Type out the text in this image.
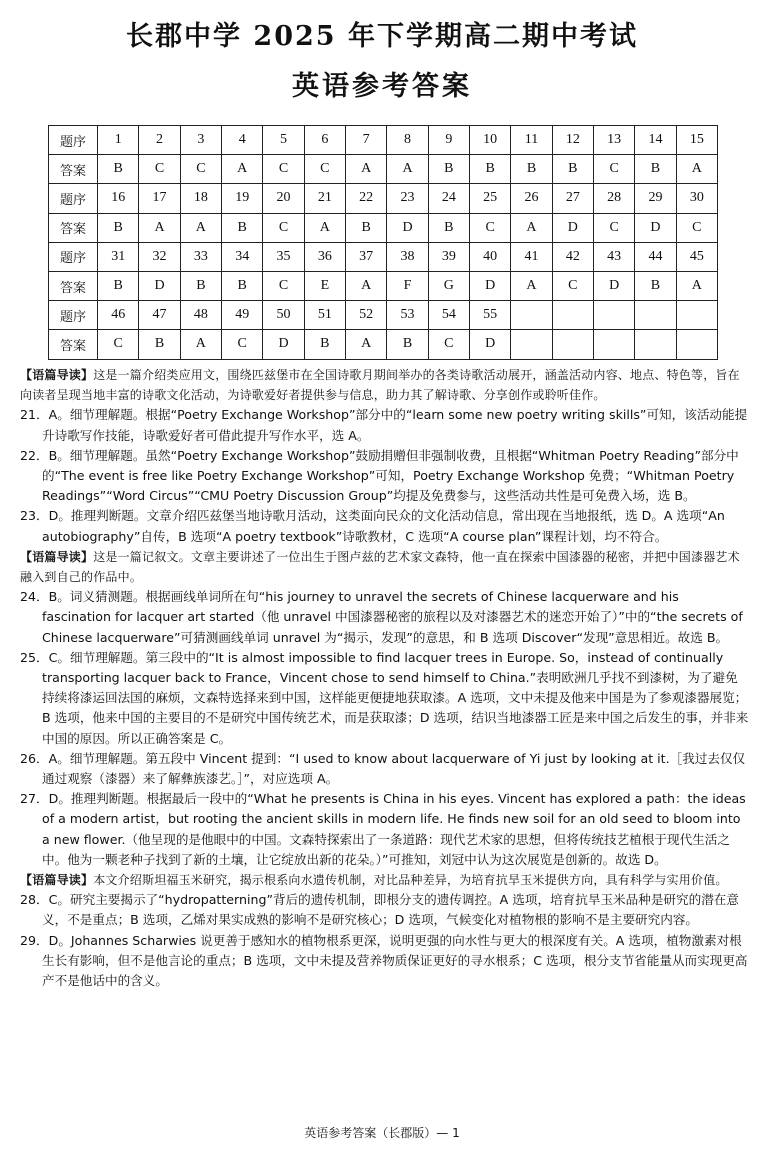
长郡中学 2025 年下学期高二期中考试
英语参考答案
题序	1	2	3	4	5	6	7	8	9	10	11	12	13	14	15
答案	B	C	C	A	C	C	A	A	B	B	B	B	C	B	A
题序	16	17	18	19	20	21	22	23	24	25	26	27	28	29	30
答案	B	A	A	B	C	A	B	D	B	C	A	D	C	D	C
题序	31	32	33	34	35	36	37	38	39	40	41	42	43	44	45
答案	B	D	B	B	C	E	A	F	G	D	A	C	D	B	A
题序	46	47	48	49	50	51	52	53	54	55					
答案	C	B	A	C	D	B	A	B	C	D					

【语篇导读】这是一篇介绍类应用文，围绕匹兹堡市在全国诗歌月期间举办的各类诗歌活动展开，涵盖活动内容、地点、特色等，旨在向读者呈现当地丰富的诗歌文化活动，为诗歌爱好者提供参与信息，助力其了解诗歌、分享创作或聆听佳作。

21．A。细节理解题。根据“Poetry Exchange Workshop”部分中的“learn some new poetry writing skills”可知，该活动能提升诗歌写作技能，诗歌爱好者可借此提升写作水平，选 A。

22．B。细节理解题。虽然“Poetry Exchange Workshop”鼓励捐赠但非强制收费，且根据“Whitman Poetry Reading”部分中的“The event is free like Poetry Exchange Workshop”可知，Poetry Exchange Workshop 免费；“Whitman Poetry Readings”“Word Circus”“CMU Poetry Discussion Group”均提及免费参与，这些活动共性是可免费入场，选 B。

23．D。推理判断题。文章介绍匹兹堡当地诗歌月活动，这类面向民众的文化活动信息，常出现在当地报纸，选 D。A 选项“An autobiography”自传，B 选项“A poetry textbook”诗歌教材，C 选项“A course plan”课程计划，均不符合。

【语篇导读】这是一篇记叙文。文章主要讲述了一位出生于图卢兹的艺术家文森特，他一直在探索中国漆器的秘密，并把中国漆器艺术融入到自己的作品中。

24．B。词义猜测题。根据画线单词所在句“his journey to unravel the secrets of Chinese lacquerware and his fascination for lacquer art started（他 unravel 中国漆器秘密的旅程以及对漆器艺术的迷恋开始了）”中的“the secrets of Chinese lacquerware”可猜测画线单词 unravel 为“揭示，发现”的意思，和 B 选项 Discover“发现”意思相近。故选 B。

25．C。细节理解题。第三段中的“It is almost impossible to find lacquer trees in Europe. So，instead of continually transporting lacquer back to France，Vincent chose to send himself to China.”表明欧洲几乎找不到漆树，为了避免持续将漆运回法国的麻烦，文森特选择来到中国，这样能更便捷地获取漆。A 选项，文中未提及他来中国是为了参观漆器展览；B 选项，他来中国的主要目的不是研究中国传统艺术，而是获取漆；D 选项，结识当地漆器工匠是来中国之后发生的事，并非来中国的原因。所以正确答案是 C。

26．A。细节理解题。第五段中 Vincent 提到：“I used to know about lacquerware of Yi just by looking at it.［我过去仅仅通过观察（漆器）来了解彝族漆艺。］”，对应选项 A。

27．D。推理判断题。根据最后一段中的“What he presents is China in his eyes. Vincent has explored a path：the ideas of a modern artist，but rooting the ancient skills in modern life. He finds new soil for an old seed to bloom into a new flower.（他呈现的是他眼中的中国。文森特探索出了一条道路：现代艺术家的思想，但将传统技艺植根于现代生活之中。他为一颗老种子找到了新的土壤，让它绽放出新的花朵。）”可推知，刘冠中认为这次展览是创新的。故选 D。

【语篇导读】本文介绍斯坦福玉米研究，揭示根系向水遗传机制，对比品种差异，为培育抗旱玉米提供方向，具有科学与实用价值。

28．C。研究主要揭示了“hydropatterning”背后的遗传机制，即根分支的遗传调控。A 选项，培育抗旱玉米品种是研究的潜在意义，不是重点；B 选项，乙烯对果实成熟的影响不是研究核心；D 选项，气候变化对植物根的影响不是主要研究内容。

29．D。Johannes Scharwies 说更善于感知水的植物根系更深，说明更强的向水性与更大的根深度有关。A 选项，植物激素对根生长有影响，但不是他言论的重点；B 选项，文中未提及营养物质保证更好的寻水根系；C 选项，根分支节省能量从而实现更高产不是他话中的含义。

英语参考答案（长郡版）— 1
